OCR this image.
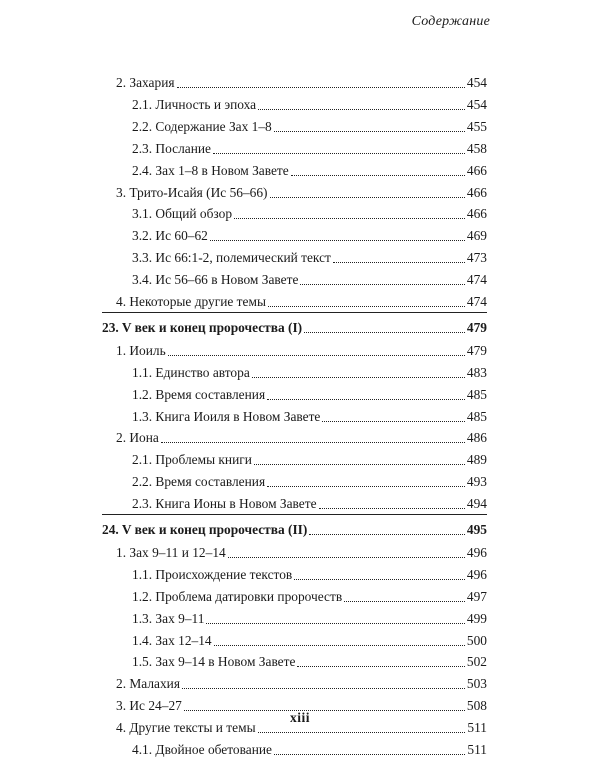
Содержание
2. Захария	454
2.1. Личность и эпоха	454
2.2. Содержание Зах 1–8	455
2.3. Послание	458
2.4. Зах 1–8 в Новом Завете	466
3. Трито-Исайя (Ис 56–66)	466
3.1. Общий обзор	466
3.2. Ис 60–62	469
3.3. Ис 66:1-2, полемический текст	473
3.4. Ис 56–66 в Новом Завете	474
4. Некоторые другие темы	474
23. V век и конец пророчества (I)	479
1. Иоиль	479
1.1. Единство автора	483
1.2. Время составления	485
1.3. Книга Иоиля в Новом Завете	485
2. Иона	486
2.1. Проблемы книги	489
2.2. Время составления	493
2.3. Книга Ионы в Новом Завете	494
24. V век и конец пророчества (II)	495
1. Зах 9–11 и 12–14	496
1.1. Происхождение текстов	496
1.2. Проблема датировки пророчеств	497
1.3. Зах 9–11	499
1.4. Зах 12–14	500
1.5. Зах 9–14 в Новом Завете	502
2. Малахия	503
3. Ис 24–27	508
4. Другие тексты и темы	511
4.1. Двойное обетование	511
xiii
